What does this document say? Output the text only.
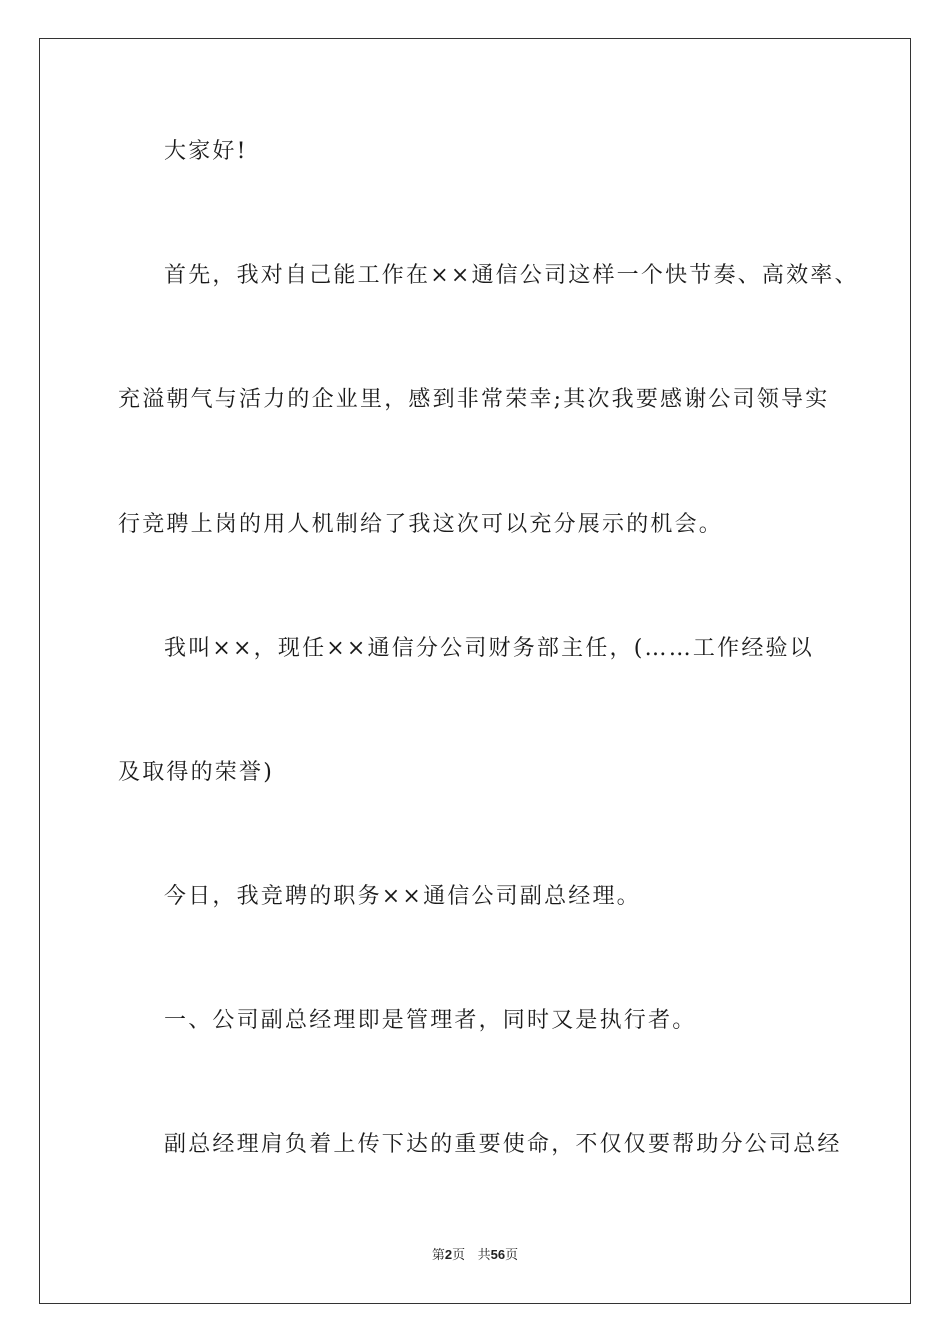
大家好!
首先，我对自己能工作在××通信公司这样一个快节奏、高效率、
充溢朝气与活力的企业里，感到非常荣幸;其次我要感谢公司领导实
行竞聘上岗的用人机制给了我这次可以充分展示的机会。
我叫××，现任××通信分公司财务部主任，(……工作经验以
及取得的荣誉)
今日，我竞聘的职务××通信公司副总经理。
一、公司副总经理即是管理者，同时又是执行者。
副总经理肩负着上传下达的重要使命，不仅仅要帮助分公司总经
第2页 共56页
